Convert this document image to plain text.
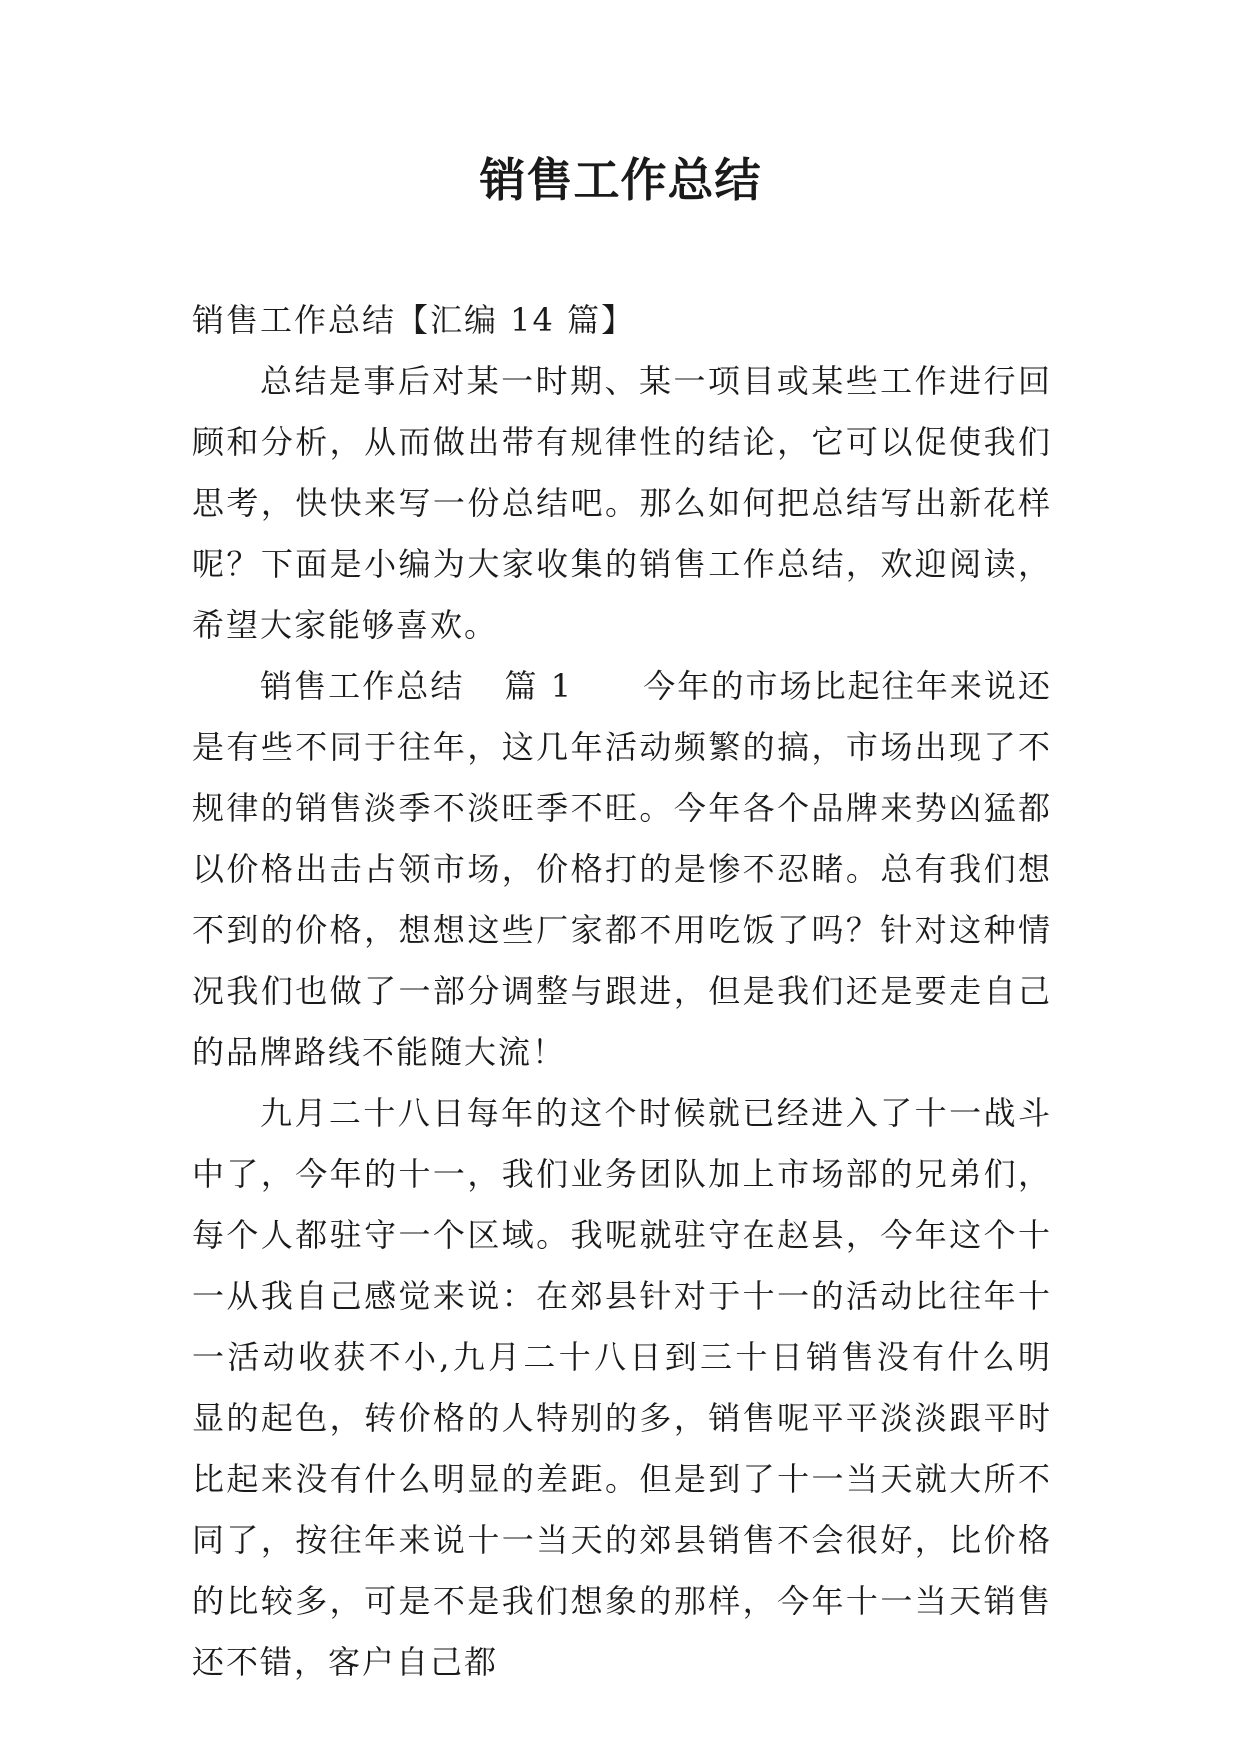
销售工作总结

销售工作总结【汇编 14 篇】

总结是事后对某一时期、某一项目或某些工作进行回顾和分析，从而做出带有规律性的结论，它可以促使我们思考，快快来写一份总结吧。那么如何把总结写出新花样呢？下面是小编为大家收集的销售工作总结，欢迎阅读，希望大家能够喜欢。

销售工作总结 篇 1 今年的市场比起往年来说还是有些不同于往年，这几年活动频繁的搞，市场出现了不规律的销售淡季不淡旺季不旺。今年各个品牌来势凶猛都以价格出击占领市场，价格打的是惨不忍睹。总有我们想不到的价格，想想这些厂家都不用吃饭了吗？针对这种情况我们也做了一部分调整与跟进，但是我们还是要走自己的品牌路线不能随大流！

九月二十八日每年的这个时候就已经进入了十一战斗中了，今年的十一，我们业务团队加上市场部的兄弟们，每个人都驻守一个区域。我呢就驻守在赵县，今年这个十一从我自己感觉来说：在郊县针对于十一的活动比往年十一活动收获不小,九月二十八日到三十日销售没有什么明显的起色，转价格的人特别的多，销售呢平平淡淡跟平时比起来没有什么明显的差距。但是到了十一当天就大所不同了，按往年来说十一当天的郊县销售不会很好，比价格的比较多，可是不是我们想象的那样，今年十一当天销售还不错，客户自己都
